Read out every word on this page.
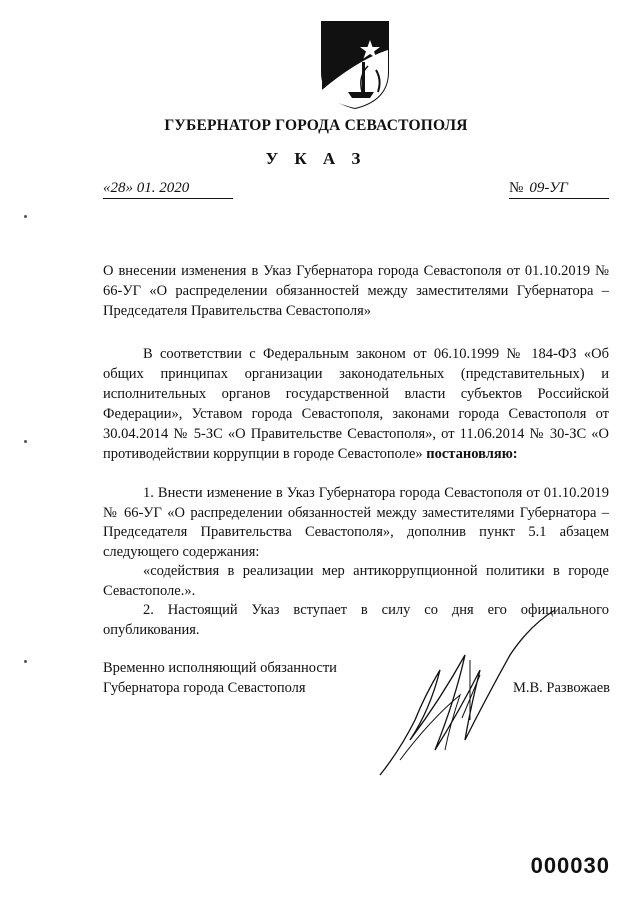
ГУБЕРНАТОР ГОРОДА СЕВАСТОПОЛЯ
У К А З
«28» 01. 2020	№ 09-УГ
О внесении изменения в Указ Губернатора города Севастополя от 01.10.2019 № 66-УГ «О распределении обязанностей между заместителями Губернатора – Председателя Правительства Севастополя»
В соответствии с Федеральным законом от 06.10.1999 № 184-ФЗ «Об общих принципах организации законодательных (представительных) и исполнительных органов государственной власти субъектов Российской Федерации», Уставом города Севастополя, законами города Севастополя от 30.04.2014 № 5-ЗС «О Правительстве Севастополя», от 11.06.2014 № 30-ЗС «О противодействии коррупции в городе Севастополе» постановляю:

1. Внести изменение в Указ Губернатора города Севастополя от 01.10.2019 № 66-УГ «О распределении обязанностей между заместителями Губернатора – Председателя Правительства Севастополя», дополнив пункт 5.1 абзацем следующего содержания:

«содействия в реализации мер антикоррупционной политики в городе Севастополе.».

2. Настоящий Указ вступает в силу со дня его официального опубликования.

Временно исполняющий обязанности
Губернатора города Севастополя	М.В. Развожаев
000030
